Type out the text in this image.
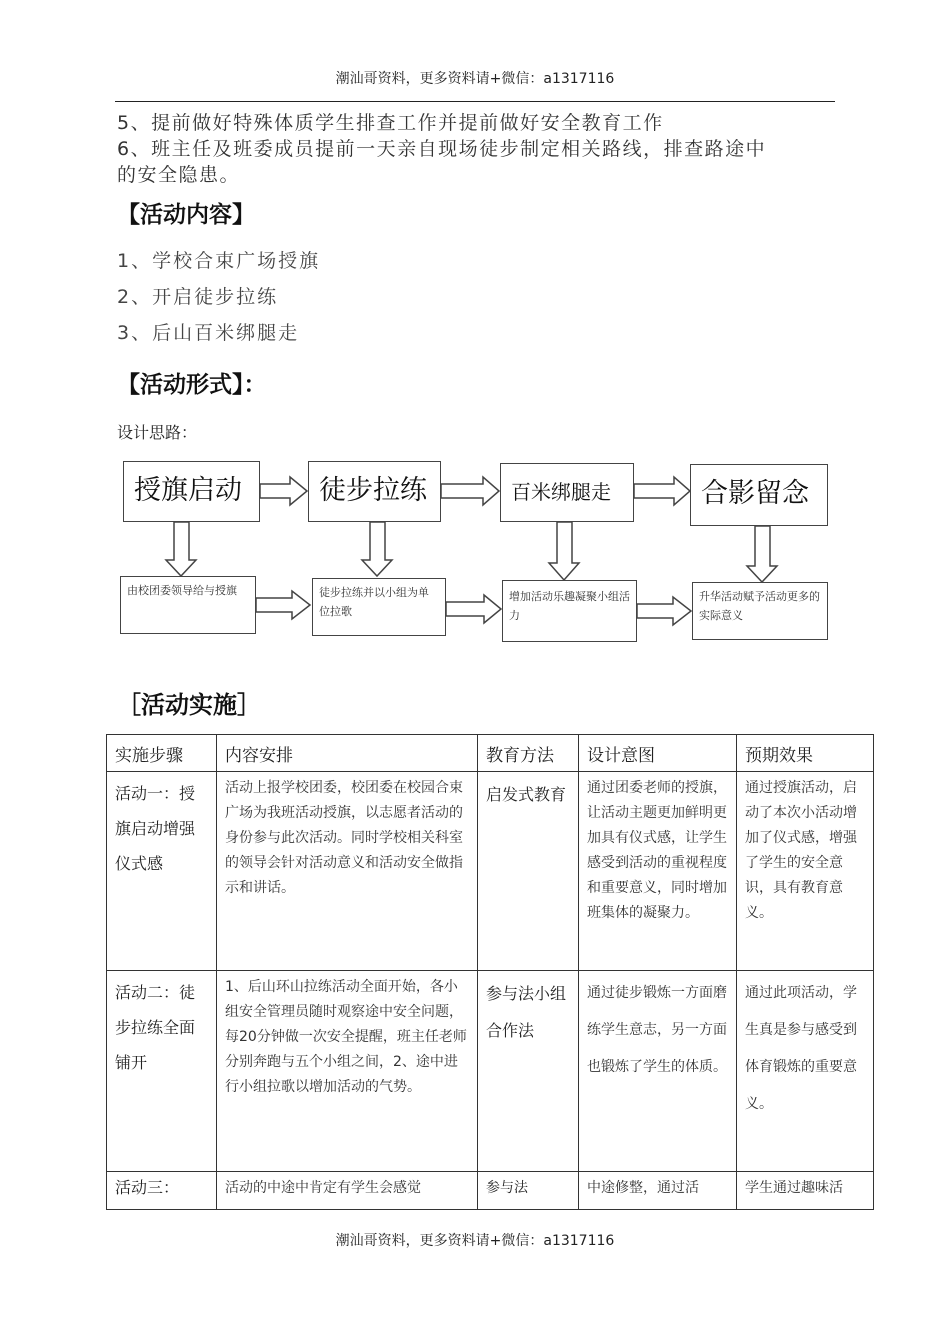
潮汕哥资料，更多资料请+微信：a1317116
5、提前做好特殊体质学生排查工作并提前做好安全教育工作
6、班主任及班委成员提前一天亲自现场徒步制定相关路线，排查路途中
的安全隐患。
【活动内容】
1、学校合束广场授旗
2、开启徒步拉练
3、后山百米绑腿走
【活动形式】：
设计思路：
授旗启动	徒步拉练	百米绑腿走	合影留念
由校团委领导给与授旗	徒步拉练并以小组为单位拉歌
增加活动乐趣凝聚小组活力
升华活动赋予活动更多的实际意义
［活动实施］
实施步骤	内容安排	教育方法	设计意图	预期效果
活动一：授旗启动增强仪式感	活动上报学校团委，校团委在校园合束广场为我班活动授旗，以志愿者活动的身份参与此次活动。同时学校相关科室的领导会针对活动意义和活动安全做指示和讲话。	启发式教育	通过团委老师的授旗，让活动主题更加鲜明更加具有仪式感，让学生感受到活动的重视程度和重要意义，同时增加班集体的凝聚力。	通过授旗活动，启动了本次小活动增加了仪式感，增强了学生的安全意识，具有教育意义。
活动二：徒步拉练全面铺开	1、后山环山拉练活动全面开始，各小组安全管理员随时观察途中安全问题，每20分钟做一次安全提醒，班主任老师分别奔跑与五个小组之间，2、途中进行小组拉歌以增加活动的气势。	参与法小组合作法	通过徒步锻炼一方面磨练学生意志，另一方面也锻炼了学生的体质。	通过此项活动，学生真是参与感受到体育锻炼的重要意义。
活动三：	活动的中途中肯定有学生会感觉	参与法	中途修整，通过活	学生通过趣味活
潮汕哥资料，更多资料请+微信：a1317116
